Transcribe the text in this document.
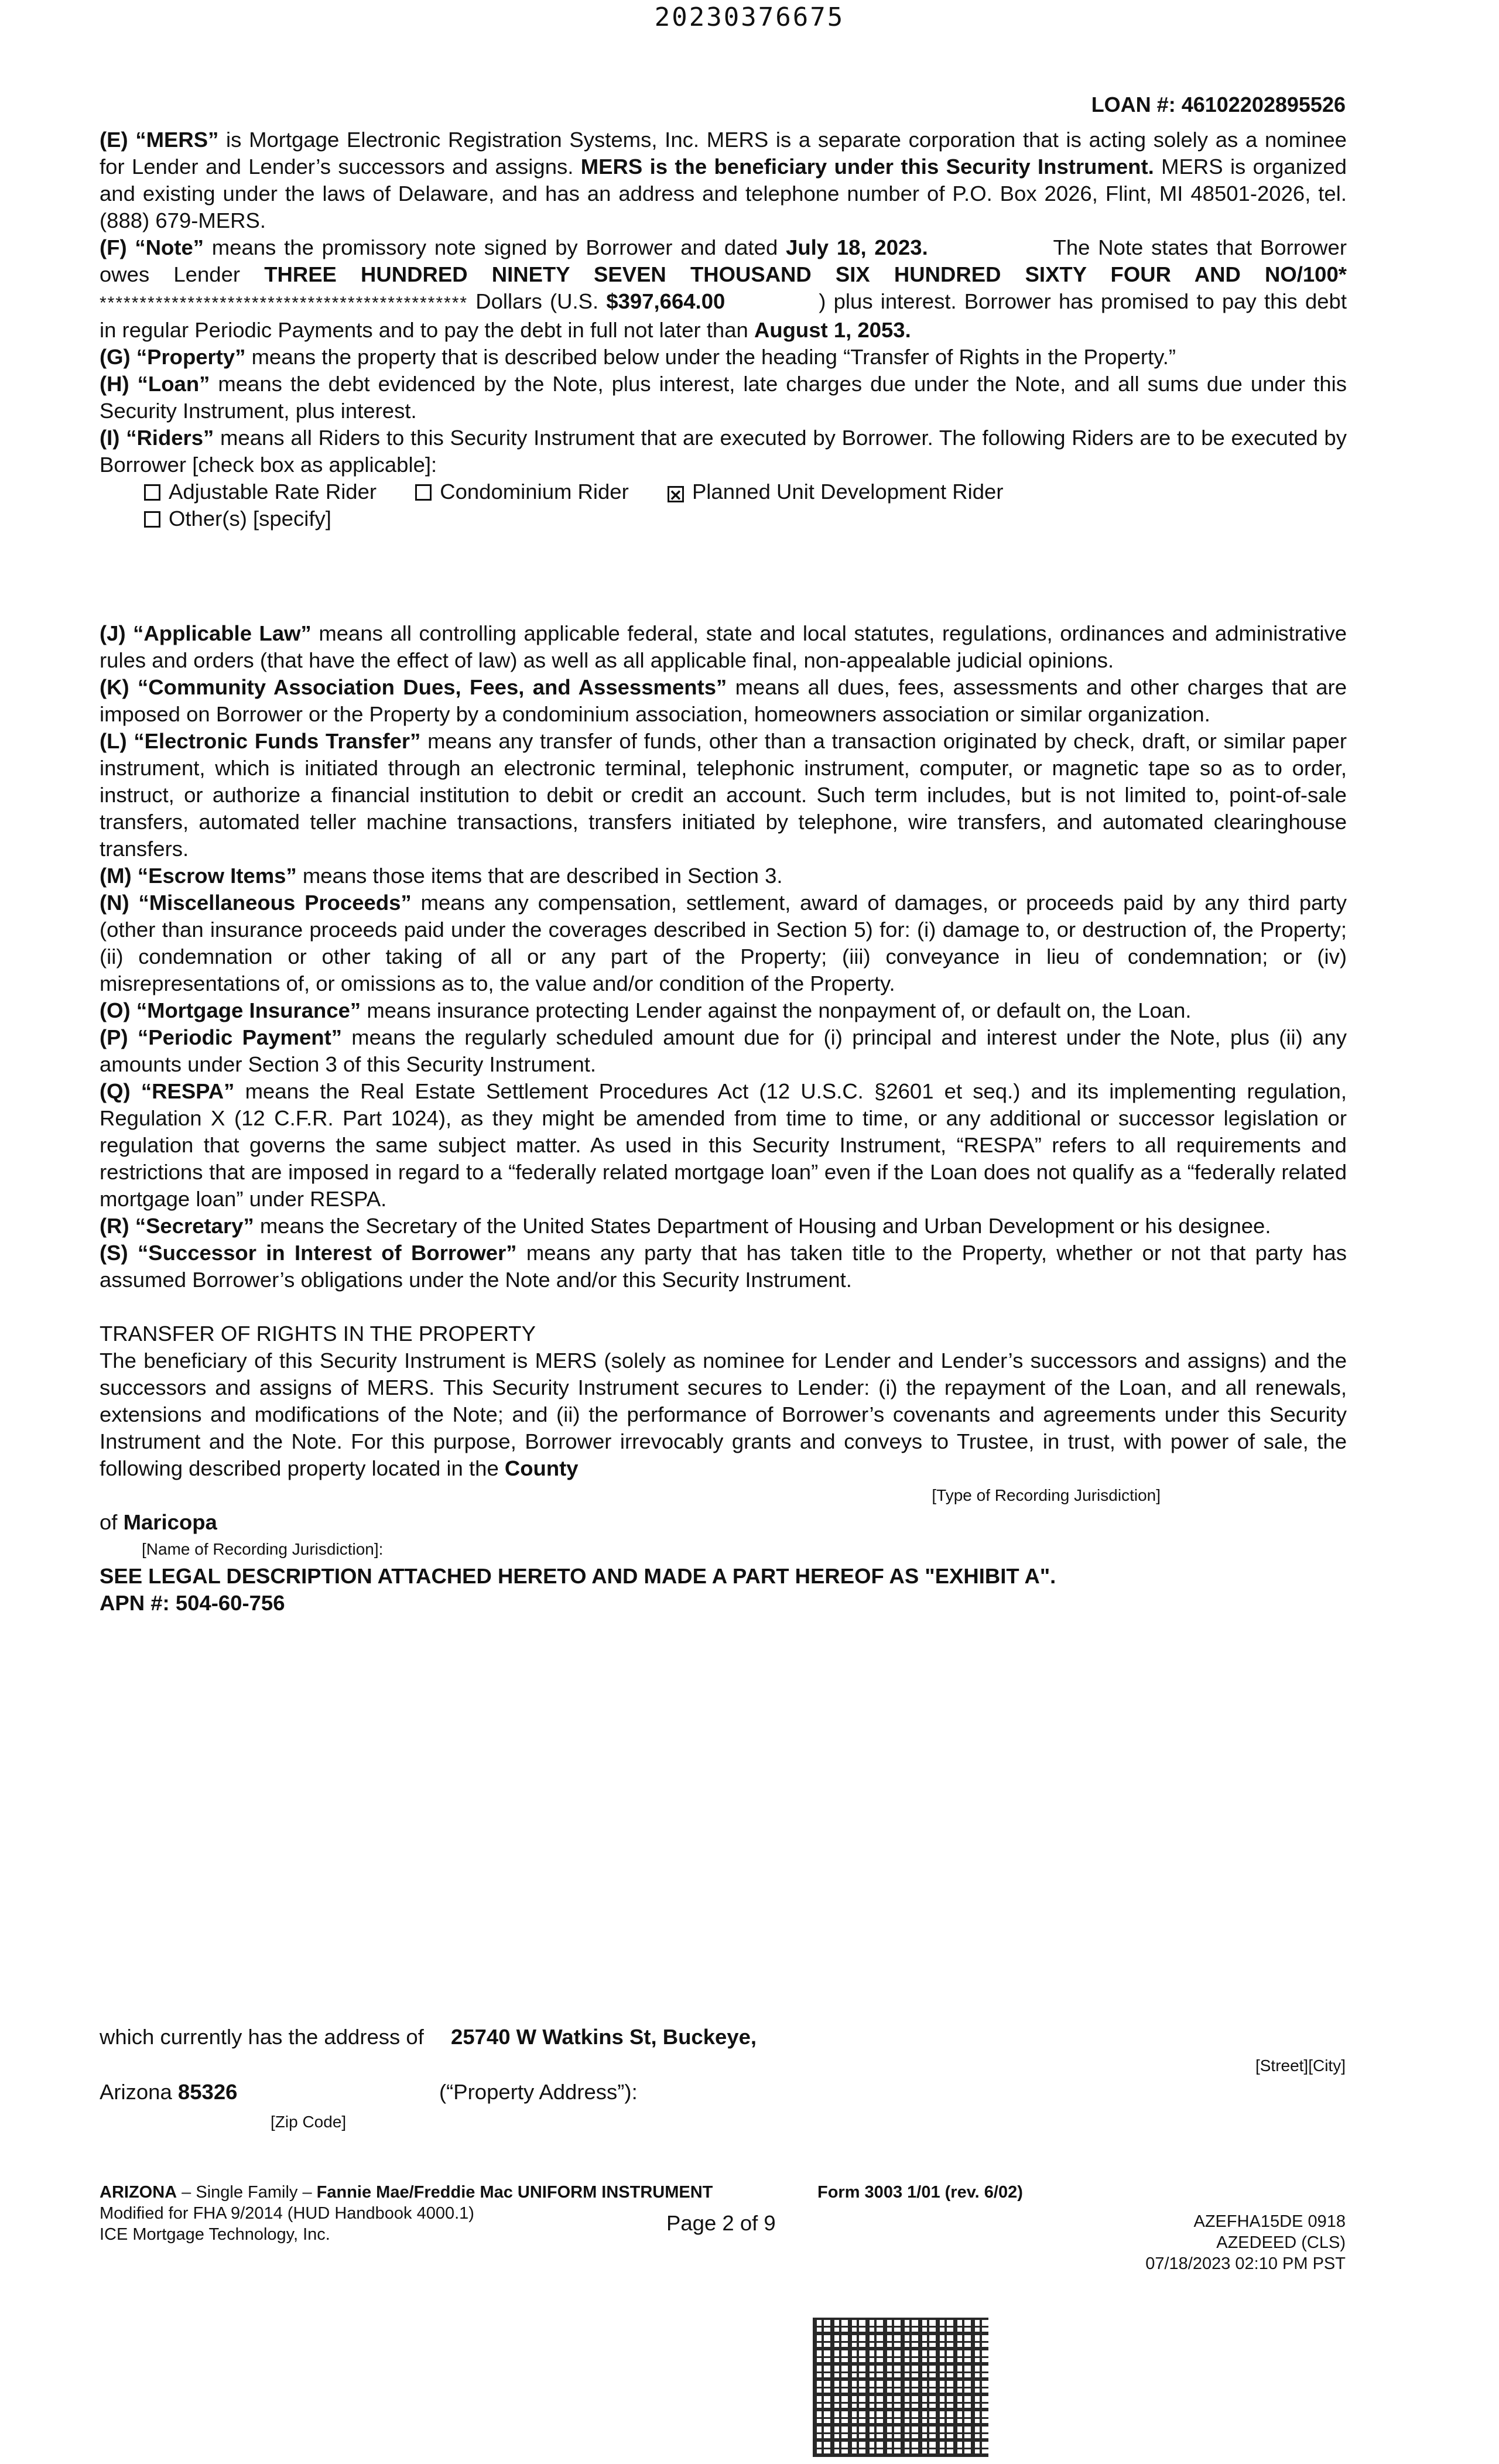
20230376675
LOAN #: 46102202895526

(E) “MERS” is Mortgage Electronic Registration Systems, Inc. MERS is a separate corporation that is acting solely as a nominee for Lender and Lender’s successors and assigns. MERS is the beneficiary under this Security Instrument. MERS is organized and existing under the laws of Delaware, and has an address and telephone number of P.O. Box 2026, Flint, MI 48501-2026, tel. (888) 679-MERS.

(F) “Note” means the promissory note signed by Borrower and dated July 18, 2023.	The Note states that Borrower owes Lender THREE HUNDRED NINETY SEVEN THOUSAND SIX HUNDRED SIXTY FOUR AND NO/100* ********************************************** Dollars (U.S. $397,664.00	) plus interest. Borrower has promised to pay this debt in regular Periodic Payments and to pay the debt in full not later than August 1, 2053.

(G) “Property” means the property that is described below under the heading “Transfer of Rights in the Property.”

(H) “Loan” means the debt evidenced by the Note, plus interest, late charges due under the Note, and all sums due under this Security Instrument, plus interest.

(I) “Riders” means all Riders to this Security Instrument that are executed by Borrower. The following Riders are to be executed by Borrower [check box as applicable]:

Adjustable Rate Rider	Condominium Rider	✕ Planned Unit Development Rider
Other(s) [specify]

(J) “Applicable Law” means all controlling applicable federal, state and local statutes, regulations, ordinances and administrative rules and orders (that have the effect of law) as well as all applicable final, non-appealable judicial opinions.

(K) “Community Association Dues, Fees, and Assessments” means all dues, fees, assessments and other charges that are imposed on Borrower or the Property by a condominium association, homeowners association or similar organization.

(L) “Electronic Funds Transfer” means any transfer of funds, other than a transaction originated by check, draft, or similar paper instrument, which is initiated through an electronic terminal, telephonic instrument, computer, or magnetic tape so as to order, instruct, or authorize a financial institution to debit or credit an account. Such term includes, but is not limited to, point-of-sale transfers, automated teller machine transactions, transfers initiated by telephone, wire transfers, and automated clearinghouse transfers.

(M) “Escrow Items” means those items that are described in Section 3.

(N) “Miscellaneous Proceeds” means any compensation, settlement, award of damages, or proceeds paid by any third party (other than insurance proceeds paid under the coverages described in Section 5) for: (i) damage to, or destruction of, the Property; (ii) condemnation or other taking of all or any part of the Property; (iii) conveyance in lieu of condemnation; or (iv) misrepresentations of, or omissions as to, the value and/or condition of the Property.

(O) “Mortgage Insurance” means insurance protecting Lender against the nonpayment of, or default on, the Loan.

(P) “Periodic Payment” means the regularly scheduled amount due for (i) principal and interest under the Note, plus (ii) any amounts under Section 3 of this Security Instrument.

(Q) “RESPA” means the Real Estate Settlement Procedures Act (12 U.S.C. §2601 et seq.) and its implementing regulation, Regulation X (12 C.F.R. Part 1024), as they might be amended from time to time, or any additional or successor legislation or regulation that governs the same subject matter. As used in this Security Instrument, “RESPA” refers to all requirements and restrictions that are imposed in regard to a “federally related mortgage loan” even if the Loan does not qualify as a “federally related mortgage loan” under RESPA.

(R) “Secretary” means the Secretary of the United States Department of Housing and Urban Development or his designee.

(S) “Successor in Interest of Borrower” means any party that has taken title to the Property, whether or not that party has assumed Borrower’s obligations under the Note and/or this Security Instrument.

TRANSFER OF RIGHTS IN THE PROPERTY

The beneficiary of this Security Instrument is MERS (solely as nominee for Lender and Lender’s successors and assigns) and the successors and assigns of MERS. This Security Instrument secures to Lender: (i) the repayment of the Loan, and all renewals, extensions and modifications of the Note; and (ii) the performance of Borrower’s covenants and agreements under this Security Instrument and the Note. For this purpose, Borrower irrevocably grants and conveys to Trustee, in trust, with power of sale, the following described property located in the County

[Type of Recording Jurisdiction]
of Maricopa
[Name of Recording Jurisdiction]:
SEE LEGAL DESCRIPTION ATTACHED HERETO AND MADE A PART HEREOF AS "EXHIBIT A".
APN #: 504-60-756
which currently has the address of 25740 W Watkins St, Buckeye,
[Street][City]
Arizona 85326	(“Property Address”):
[Zip Code]
ARIZONA – Single Family – Fannie Mae/Freddie Mac UNIFORM INSTRUMENT
Modified for FHA 9/2014 (HUD Handbook 4000.1)
ICE Mortgage Technology, Inc.
Form 3003 1/01 (rev. 6/02)
Page 2 of 9	AZEFHA15DE 0918
AZEDEED (CLS)
07/18/2023 02:10 PM PST
